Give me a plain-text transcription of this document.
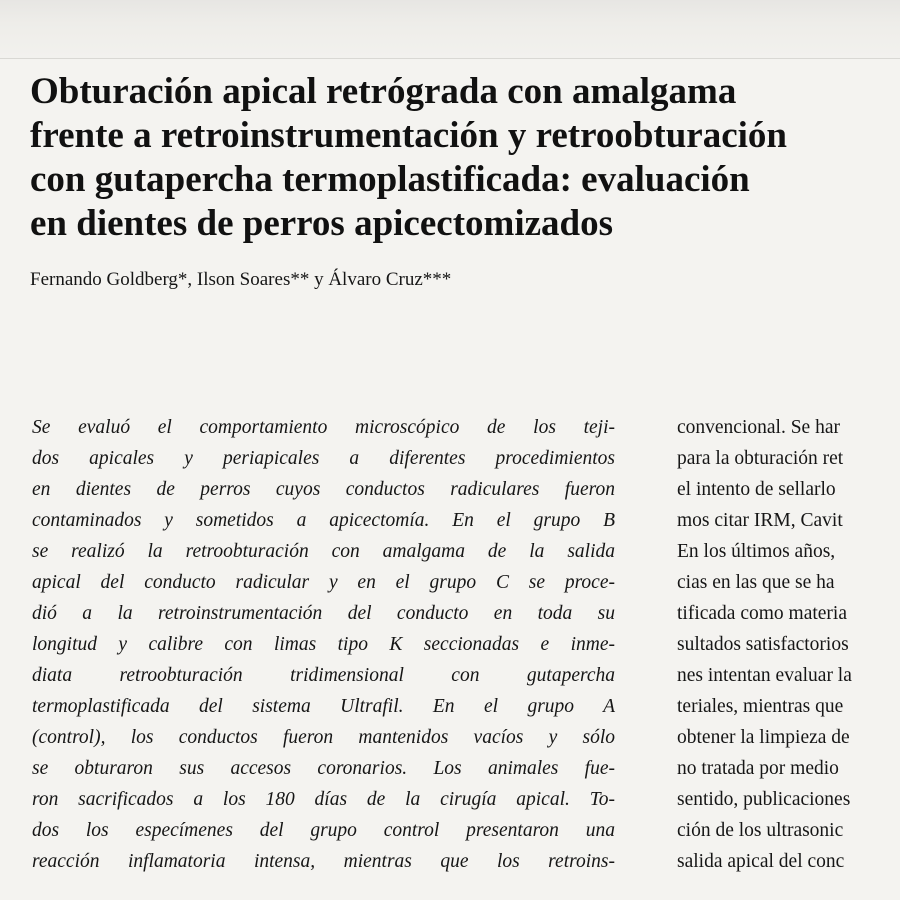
Obturación apical retrógrada con amalgama
frente a retroinstrumentación y retroobturación
con gutapercha termoplastificada: evaluación
en dientes de perros apicectomizados
Fernando Goldberg*, Ilson Soares** y Álvaro Cruz***
Se evaluó el comportamiento microscópico de los teji-
dos apicales y periapicales a diferentes procedimientos
en dientes de perros cuyos conductos radiculares fueron
contaminados y sometidos a apicectomía. En el grupo B
se realizó la retroobturación con amalgama de la salida
apical del conducto radicular y en el grupo C se proce-
dió a la retroinstrumentación del conducto en toda su
longitud y calibre con limas tipo K seccionadas e inme-
diata retroobturación tridimensional con gutapercha
termoplastificada del sistema Ultrafil. En el grupo A
(control), los conductos fueron mantenidos vacíos y sólo
se obturaron sus accesos coronarios. Los animales fue-
ron sacrificados a los 180 días de la cirugía apical. To-
dos los especímenes del grupo control presentaron una
reacción inflamatoria intensa, mientras que los retroins-
convencional. Se har
para la obturación ret
el intento de sellarlo
mos citar IRM, Cavit
En los últimos años,
cias en las que se ha
tificada como materia
sultados satisfactorios
nes intentan evaluar la
teriales, mientras que
obtener la limpieza de
no tratada por medio
sentido, publicaciones
ción de los ultrasonic
salida apical del conc
